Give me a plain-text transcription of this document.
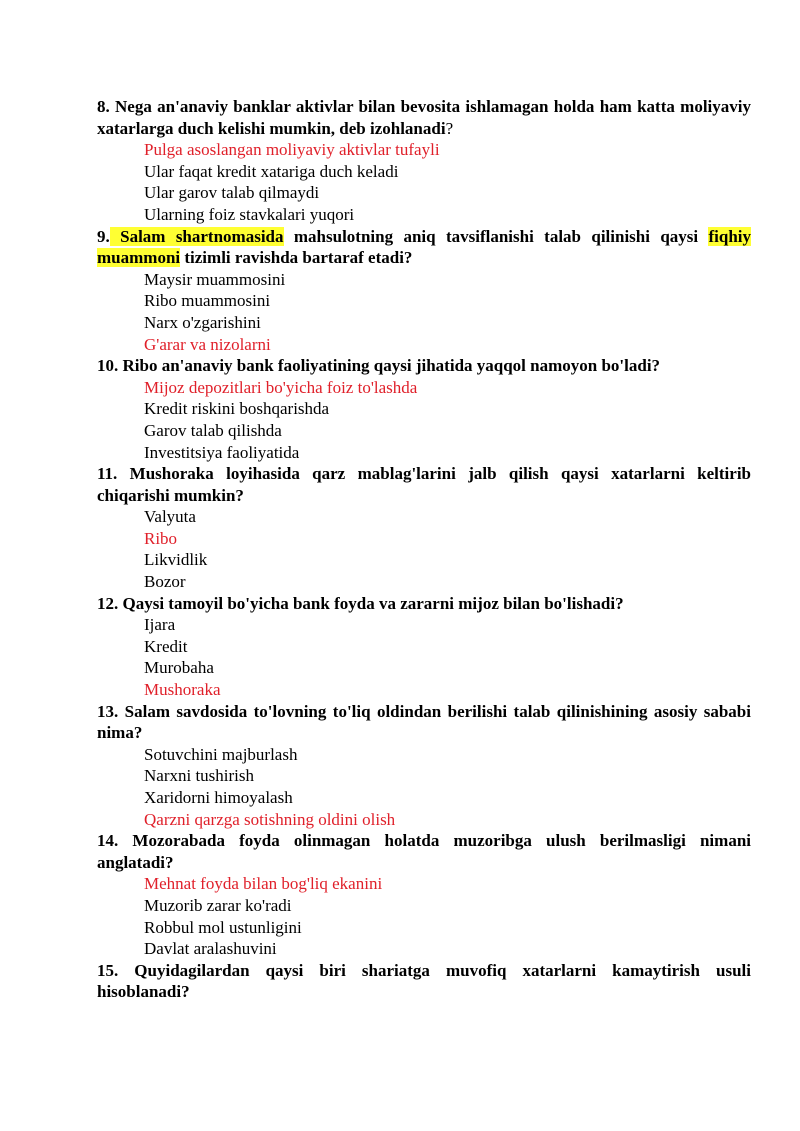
8. Nega an'anaviy banklar aktivlar bilan bevosita ishlamagan holda ham katta moliyaviy xatarlarga duch kelishi mumkin, deb izohlanadi?

Pulga asoslangan moliyaviy aktivlar tufayli
Ular faqat kredit xatariga duch keladi
Ular garov talab qilmaydi
Ularning foiz stavkalari yuqori

9. Salam shartnomasida mahsulotning aniq tavsiflanishi talab qilinishi qaysi fiqhiy muammoni tizimli ravishda bartaraf etadi?

Maysir muammosini
Ribo muammosini
Narx o'zgarishini
G'arar va nizolarni

10. Ribo an'anaviy bank faoliyatining qaysi jihatida yaqqol namoyon bo'ladi?

Mijoz depozitlari bo'yicha foiz to'lashda
Kredit riskini boshqarishda
Garov talab qilishda
Investitsiya faoliyatida

11. Mushoraka loyihasida qarz mablag'larini jalb qilish qaysi xatarlarni keltirib chiqarishi mumkin?

Valyuta
Ribo
Likvidlik
Bozor

12. Qaysi tamoyil bo'yicha bank foyda va zararni mijoz bilan bo'lishadi?

Ijara
Kredit
Murobaha
Mushoraka

13. Salam savdosida to'lovning to'liq oldindan berilishi talab qilinishining asosiy sababi nima?

Sotuvchini majburlash
Narxni tushirish
Xaridorni himoyalash
Qarzni qarzga sotishning oldini olish

14. Mozorabada foyda olinmagan holatda muzoribga ulush berilmasligi nimani anglatadi?

Mehnat foyda bilan bog'liq ekanini
Muzorib zarar ko'radi
Robbul mol ustunligini
Davlat aralashuvini

15. Quyidagilardan qaysi biri shariatga muvofiq xatarlarni kamaytirish usuli hisoblanadi?
